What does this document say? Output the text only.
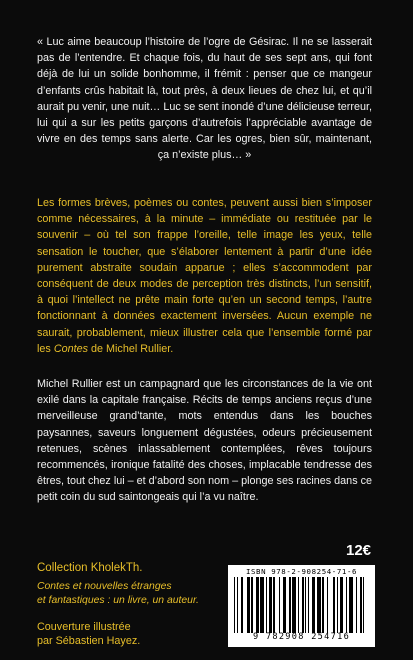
« Luc aime beaucoup l’histoire de l’ogre de Gésirac. Il ne se lasserait pas de l’entendre. Et chaque fois, du haut de ses sept ans, qui font déjà de lui un solide bonhomme, il frémit : penser que ce mangeur d’enfants crûs habitait là, tout près, à deux lieues de chez lui, et qu’il aurait pu venir, une nuit… Luc se sent inondé d’une délicieuse terreur, lui qui a sur les petits garçons d’autrefois l’appréciable avantage de vivre en des temps sans alerte. Car les ogres, bien sûr, maintenant, ça n’existe plus… »

Les formes brèves, poèmes ou contes, peuvent aussi bien s’imposer comme nécessaires, à la minute – immédiate ou restituée par le souvenir – où tel son frappe l’oreille, telle image les yeux, telle sensation le toucher, que s’élaborer lentement à partir d’une idée purement abstraite soudain apparue ; elles s’accommodent par conséquent de deux modes de perception très distincts, l’un sensitif, à quoi l’intellect ne prête main forte qu’en un second temps, l’autre fonctionnant à données exactement inversées. Aucun exemple ne saurait, probablement, mieux illustrer cela que l’ensemble formé par les Contes de Michel Rullier.

Michel Rullier est un campagnard que les circonstances de la vie ont exilé dans la capitale française. Récits de temps anciens reçus d’une merveilleuse grand’tante, mots entendus dans les bouches paysannes, saveurs longuement dégustées, odeurs précieusement retenues, scènes inlassablement contemplées, rêves toujours recommencés, ironique fatalité des choses, implacable tendresse des êtres, tout chez lui – et d’abord son nom – plonge ses racines dans ce petit coin du sud saintongeais qui l’a vu naître.

12€
Collection KholekTh.
Contes et nouvelles étranges
et fantastiques : un livre, un auteur.
Couverture illustrée
par Sébastien Hayez.
ISBN 978-2-908254-71-6
9 782908 254716
